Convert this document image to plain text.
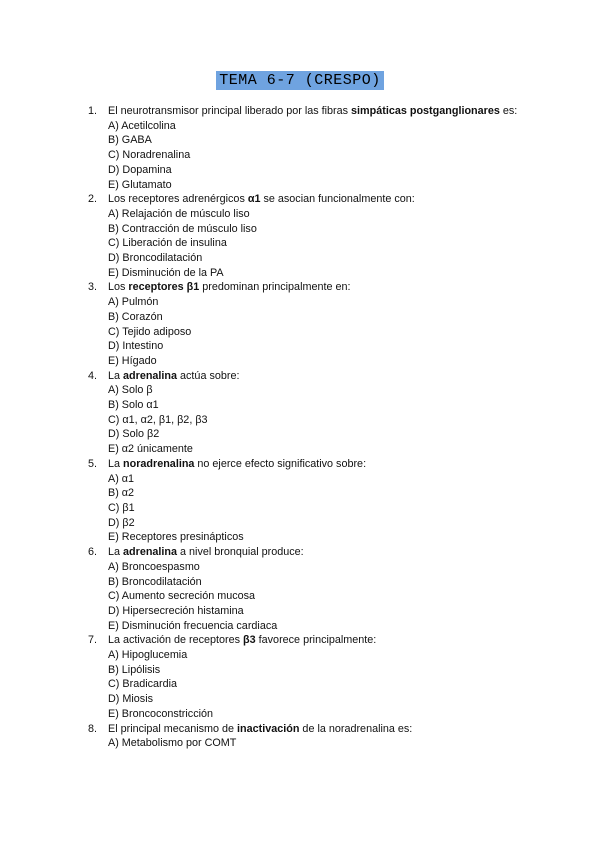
TEMA 6-7 (CRESPO)
1. El neurotransmisor principal liberado por las fibras simpáticas postganglionares es:
A) Acetilcolina
B) GABA
C) Noradrenalina
D) Dopamina
E) Glutamato
2. Los receptores adrenérgicos α1 se asocian funcionalmente con:
A) Relajación de músculo liso
B) Contracción de músculo liso
C) Liberación de insulina
D) Broncodilatación
E) Disminución de la PA
3. Los receptores β1 predominan principalmente en:
A) Pulmón
B) Corazón
C) Tejido adiposo
D) Intestino
E) Hígado
4. La adrenalina actúa sobre:
A) Solo β
B) Solo α1
C) α1, α2, β1, β2, β3
D) Solo β2
E) α2 únicamente
5. La noradrenalina no ejerce efecto significativo sobre:
A) α1
B) α2
C) β1
D) β2
E) Receptores presinápticos
6. La adrenalina a nivel bronquial produce:
A) Broncoespasmo
B) Broncodilatación
C) Aumento secreción mucosa
D) Hipersecreción histamina
E) Disminución frecuencia cardiaca
7. La activación de receptores β3 favorece principalmente:
A) Hipoglucemia
B) Lipólisis
C) Bradicardia
D) Miosis
E) Broncoconstricción
8. El principal mecanismo de inactivación de la noradrenalina es:
A) Metabolismo por COMT
